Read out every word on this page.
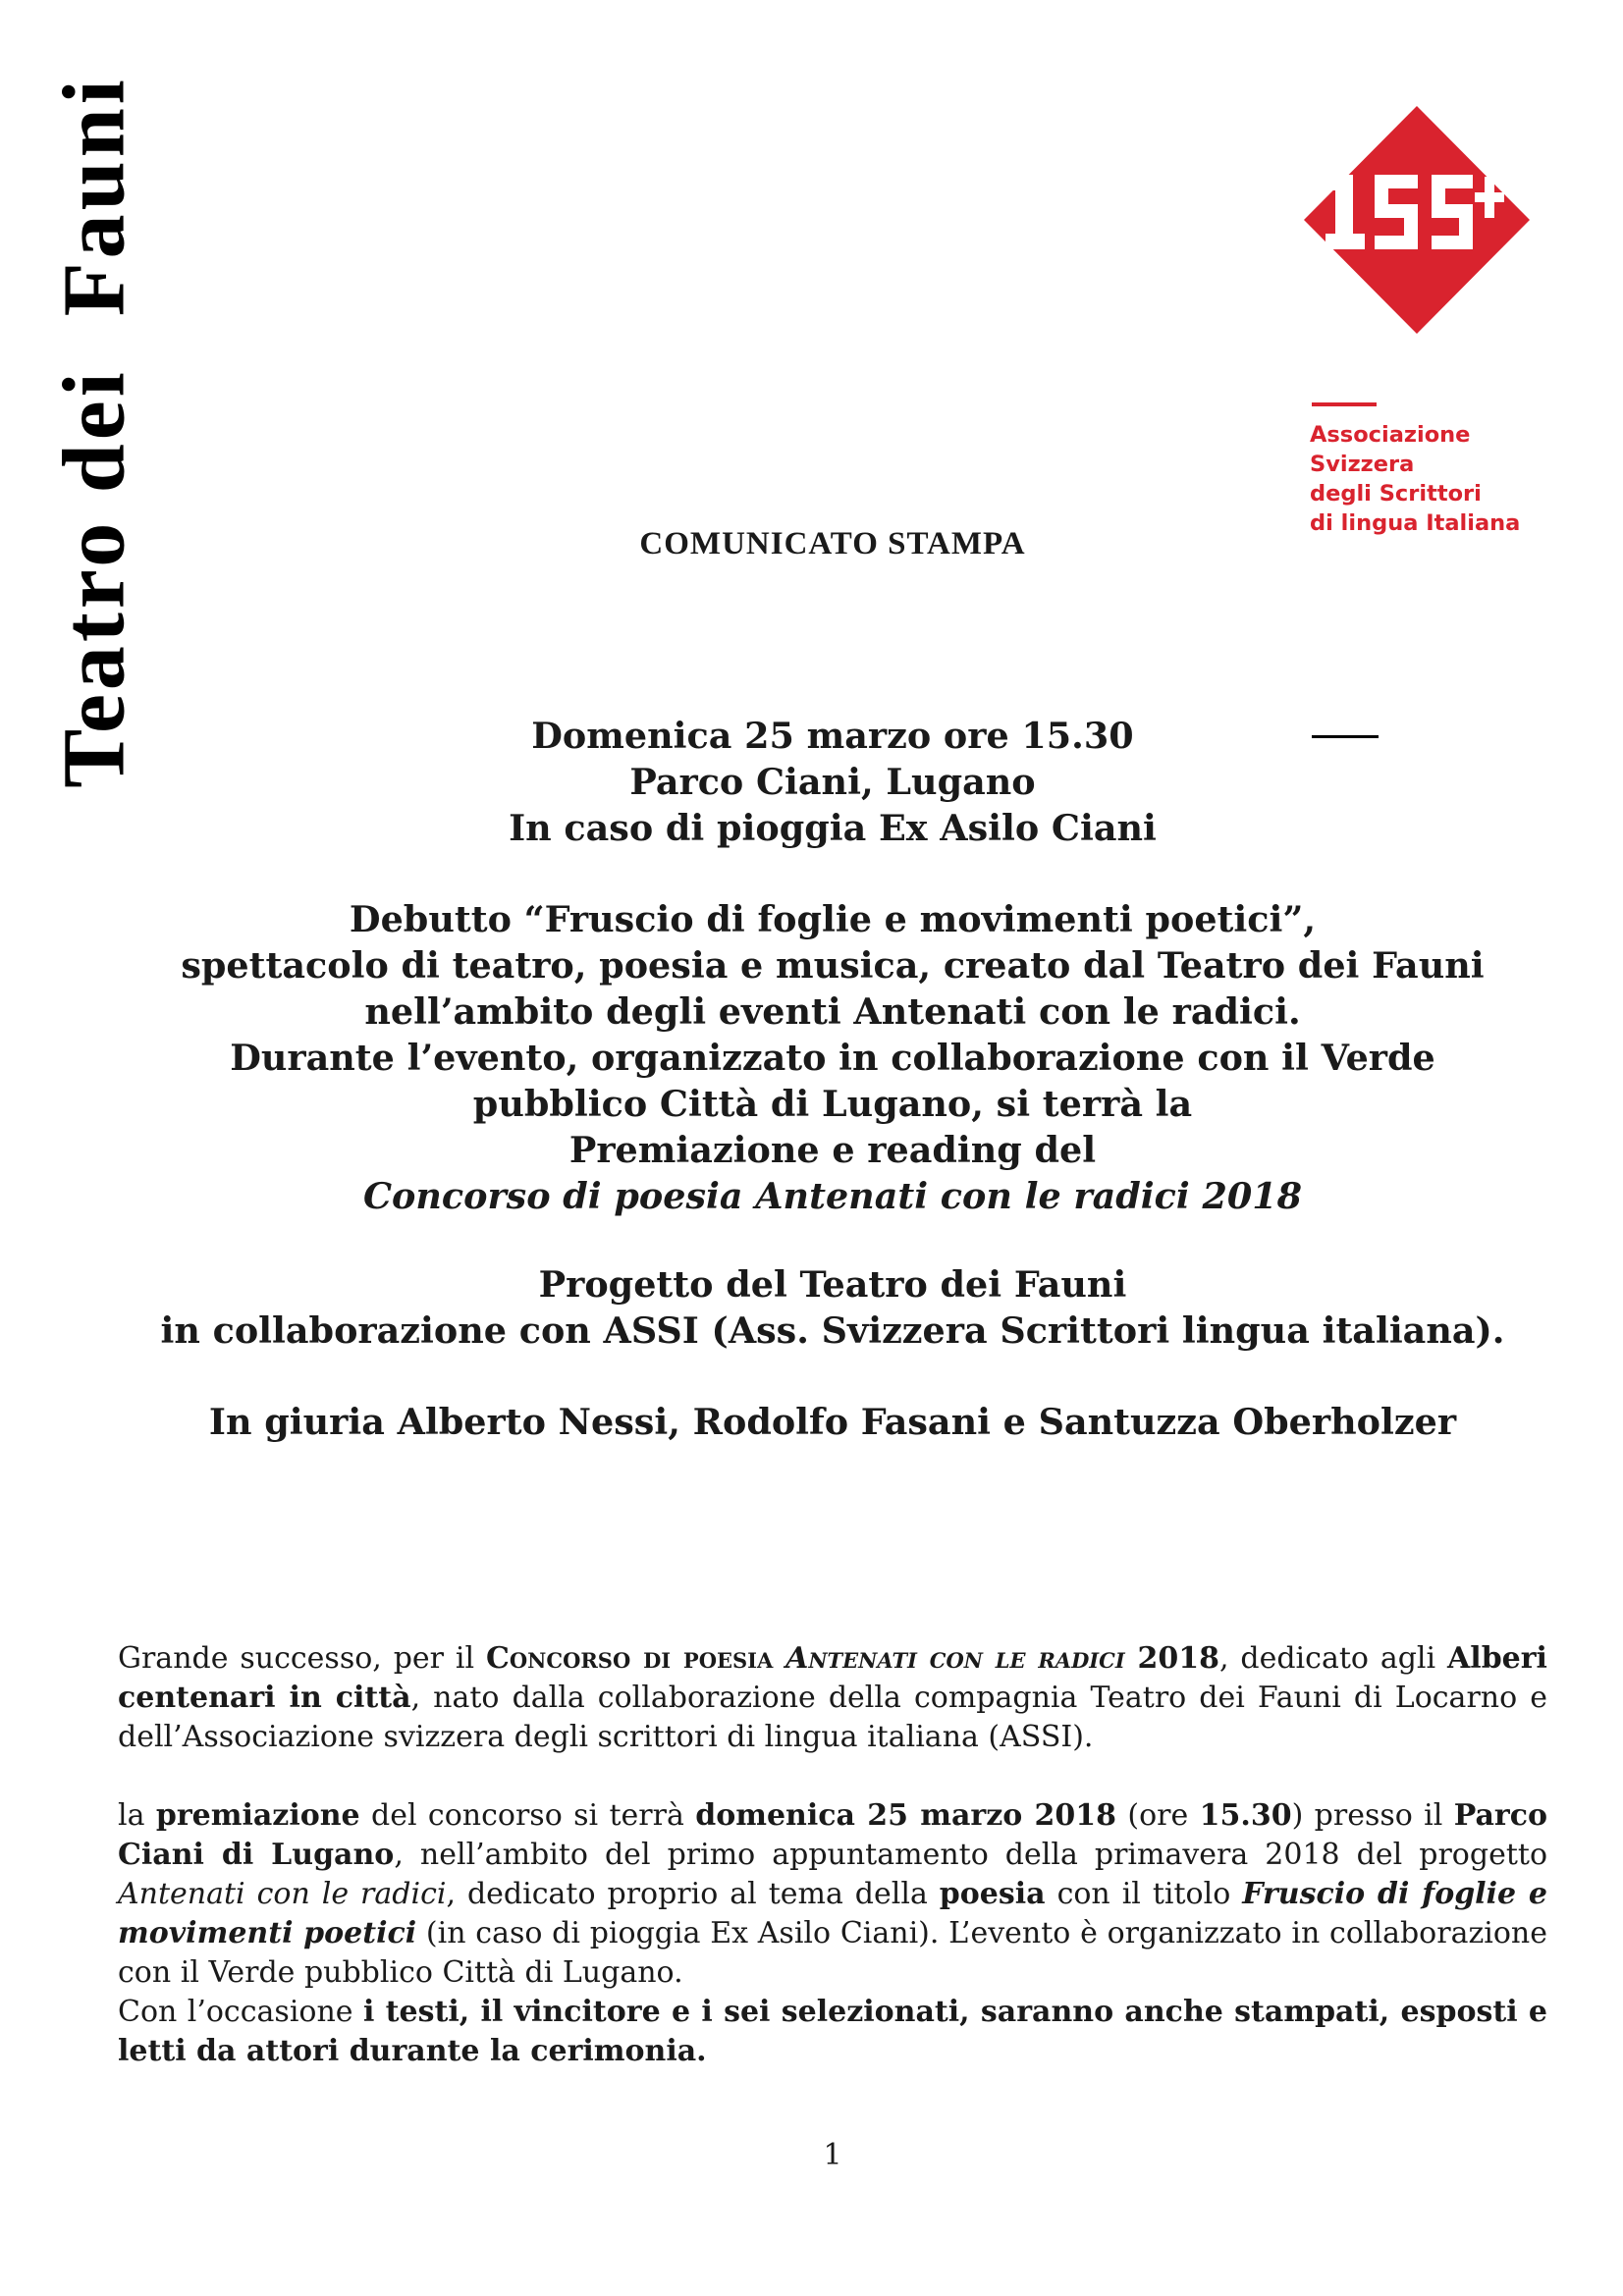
Teatro dei  Fauni	Associazione
Svizzera
degli Scrittori
di lingua Italiana
COMUNICATO STAMPA
Domenica 25 marzo ore 15.30
Parco Ciani, Lugano
In caso di pioggia Ex Asilo Ciani
Debutto “Fruscio di foglie e movimenti poetici”,
spettacolo di teatro, poesia e musica, creato dal Teatro dei Fauni
nell’ambito degli eventi Antenati con le radici.
Durante l’evento, organizzato in collaborazione con il Verde
pubblico Città di Lugano, si terrà la
Premiazione e reading del
Concorso di poesia Antenati con le radici 2018
Progetto del Teatro dei Fauni
in collaborazione con ASSI (Ass. Svizzera Scrittori lingua italiana).
In giuria Alberto Nessi, Rodolfo Fasani e Santuzza Oberholzer

Grande successo, per il Concorso di poesia Antenati con le radici 2018, dedicato agli Alberi centenari in città, nato dalla collaborazione della compagnia Teatro dei Fauni di Locarno e dell’Associazione svizzera degli scrittori di lingua italiana (ASSI).

la premiazione del concorso si terrà domenica 25 marzo 2018 (ore 15.30) presso il Parco Ciani di Lugano, nell’ambito del primo appuntamento della primavera 2018 del progetto Antenati con le radici, dedicato proprio al tema della poesia con il titolo Fruscio di foglie e movimenti poetici (in caso di pioggia Ex Asilo Ciani). L’evento è organizzato in collaborazione con il Verde pubblico Città di Lugano.

Con l’occasione i testi, il vincitore e i sei selezionati, saranno anche stampati, esposti e letti da attori durante la cerimonia.

1
